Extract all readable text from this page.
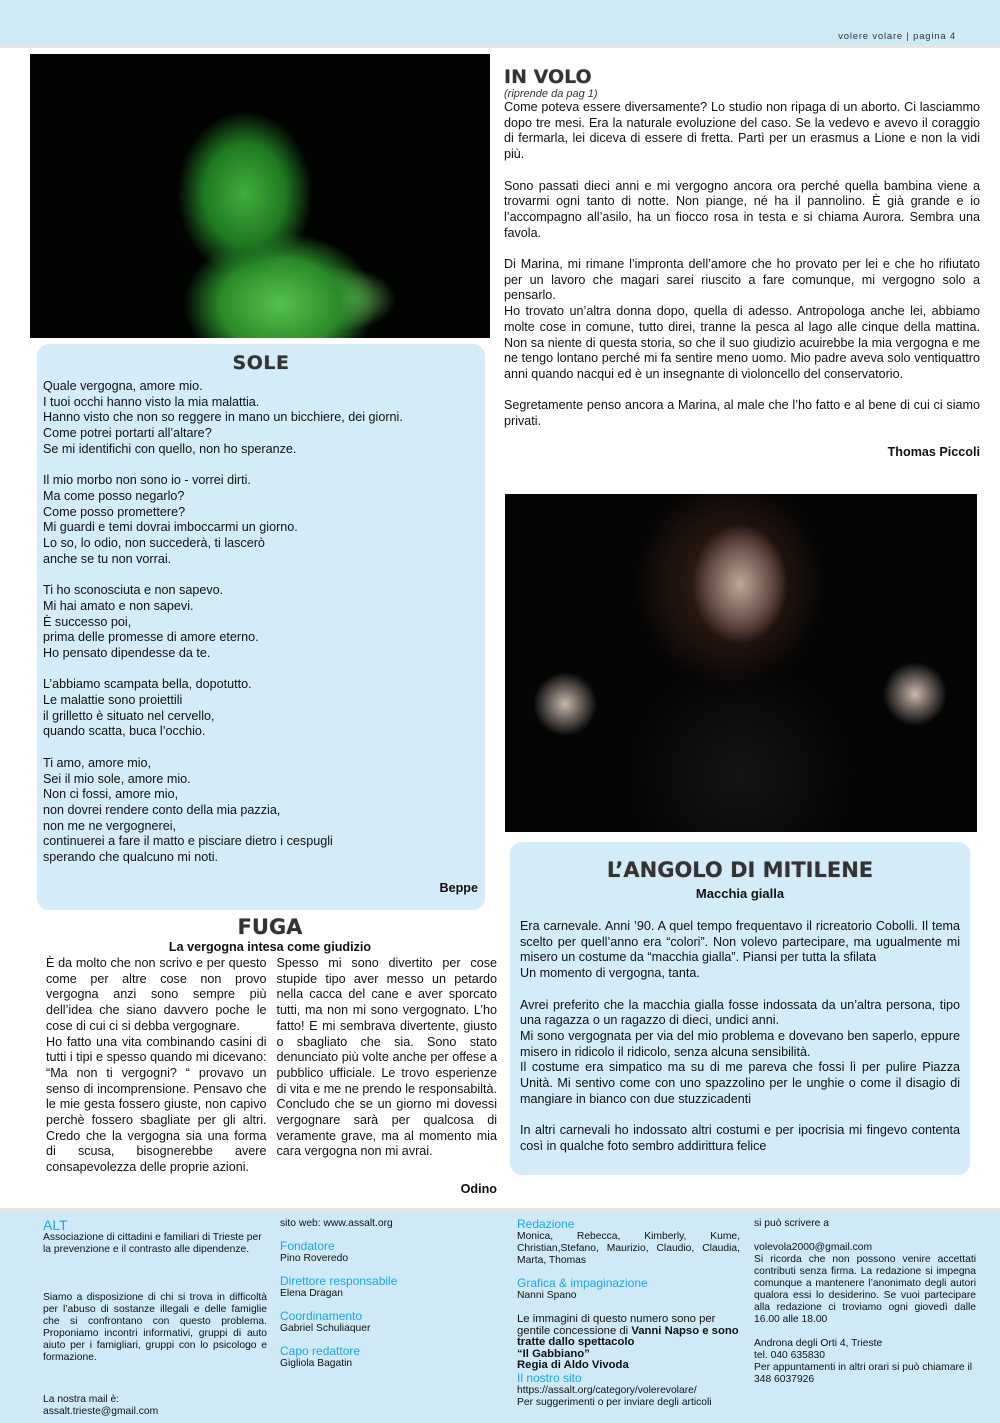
volere volare | pagina 4
SOLE
Quale vergogna, amore mio.
I tuoi occhi hanno visto la mia malattia.
Hanno visto che non so reggere in mano un bicchiere, dei giorni.
Come potrei portarti all’altare?
Se mi identifichi con quello, non ho speranze.
Il mio morbo non sono io - vorrei dirti.
Ma come posso negarlo?
Come posso promettere?
Mi guardi e temi dovrai imboccarmi un giorno.
Lo so, lo odio, non succederà, ti lascerò
anche se tu non vorrai.
Ti ho sconosciuta e non sapevo.
Mi hai amato e non sapevi.
È successo poi,
prima delle promesse di amore eterno.
Ho pensato dipendesse da te.
L’abbiamo scampata bella, dopotutto.
Le malattie sono proiettili
il grilletto è situato nel cervello,
quando scatta, buca l’occhio.
Ti amo, amore mio,
Sei il mio sole, amore mio.
Non ci fossi, amore mio,
non dovrei rendere conto della mia pazzia,
non me ne vergognerei,
continuerei a fare il matto e pisciare dietro i cespugli
sperando che qualcuno mi noti.
Beppe
FUGA
La vergogna intesa come giudizio
È da molto che non scrivo e per questo come per altre cose non provo vergogna anzi sono sempre più dell’idea che siano davvero poche le cose di cui ci si debba vergognare.
Ho fatto una vita combinando casini di tutti i tipi e spesso quando mi dicevano: “Ma non ti vergogni? “ provavo un senso di incomprensione. Pensavo che le mie gesta fossero giuste, non capivo perchè fossero sbagliate per gli altri. Credo che la vergogna sia una forma di scusa, bisognerebbe avere consapevolezza delle proprie azioni.
Spesso mi sono divertito per cose stupide tipo aver messo un petardo nella cacca del cane e aver sporcato tutti, ma non mi sono vergognato. L’ho fatto! E mi sembrava divertente, giusto o sbagliato che sia. Sono stato denunciato più volte anche per offese a pubblico ufficiale. Le trovo esperienze di vita e me ne prendo le responsabiltà. Concludo che se un giorno mi dovessi vergognare sarà per qualcosa di veramente grave, ma al momento mia cara vergogna non mi avrai.
Odino
IN VOLO
(riprende da pag 1)

Come poteva essere diversamente? Lo studio non ripaga di un aborto. Ci lasciammo dopo tre mesi. Era la naturale evoluzione del caso. Se la vedevo e avevo il coraggio di fermarla, lei diceva di essere di fretta. Partì per un erasmus a Lione e non la vidi più.

Sono passati dieci anni e mi vergogno ancora ora perché quella bambina viene a trovarmi ogni tanto di notte. Non piange, né ha il pannolino. È già grande e io l’accompagno all’asilo, ha un fiocco rosa in testa e si chiama Aurora. Sembra una favola.

Di Marina, mi rimane l’impronta dell’amore che ho provato per lei e che ho rifiutato per un lavoro che magari sarei riuscito a fare comunque, mi vergogno solo a pensarlo.

Ho trovato un’altra donna dopo, quella di adesso. Antropologa anche lei, abbiamo molte cose in comune, tutto direi, tranne la pesca al lago alle cinque della mattina. Non sa niente di questa storia, so che il suo giudizio acuirebbe la mia vergogna e me ne tengo lontano perché mi fa sentire meno uomo. Mio padre aveva solo ventiquattro anni quando nacqui ed è un insegnante di violoncello del conservatorio.

Segretamente penso ancora a Marina, al male che l’ho fatto e al bene di cui ci siamo privati.

Thomas Piccoli
L’ANGOLO DI MITILENE
Macchia gialla

Era carnevale. Anni ’90. A quel tempo frequentavo il ricreatorio Cobolli. Il tema scelto per quell’anno era “colori”. Non volevo partecipare, ma ugualmente mi misero un costume da “macchia gialla”. Piansi per tutta la sfilata

Un momento di vergogna, tanta.

Avrei preferito che la macchia gialla fosse indossata da un’altra persona, tipo una ragazza o un ragazzo di dieci, undici anni.

Mi sono vergognata per via del mio problema e dovevano ben saperlo, eppure misero in ridicolo il ridicolo, senza alcuna sensibilità.

Il costume era simpatico ma su di me pareva che fossi lì per pulire Piazza Unità. Mi sentivo come con uno spazzolino per le unghie o come il disagio di mangiare in bianco con due stuzzicadenti

In altri carnevali ho indossato altri costumi e per ipocrisia mi fingevo contenta così in qualche foto sembro addirittura felice

ALT
Associazione di cittadini e familiari di Trieste per la prevenzione e il contrasto alle dipendenze.
Siamo a disposizione di chi si trova in difficoltà per l’abuso di sostanze illegali e delle famiglie che si confrontano con questo problema. Proponiamo incontri informativi, gruppi di auto aiuto per i famigliari, gruppi con lo psicologo e formazione.
La nostra mail è:
assalt.trieste@gmail.com
sito web: www.assalt.org
Fondatore
Pino Roveredo
Direttore responsabile
Elena Dragan
Coordinamento
Gabriel Schuliaquer
Capo redattore
Gigliola Bagatin
Redazione
Monica, Rebecca, Kimberly, Kume, Christian,Stefano, Maurizio, Claudio, Claudia, Marta, Thomas
Grafica & impaginazione
Nanni Spano
Le immagini di questo numero sono per gentile concessione di Vanni Napso e sono tratte dallo spettacolo
“Il Gabbiano”
Regia di Aldo Vivoda
Il nostro sito
https://assalt.org/category/volerevolare/
Per suggerimenti o per inviare degli articoli
si può scrivere a
volevola2000@gmail.com
Si ricorda che non possono venire accettati contributi senza firma. La redazione si impegna comunque a mantenere l’anonimato degli autori qualora essi lo desiderino. Se vuoi partecipare alla redazione ci troviamo ogni giovedì dalle 16.00 alle 18.00
Androna degli Orti 4, Trieste
tel. 040 635830
Per appuntamenti in altri orari si può chiamare il 348 6037926
